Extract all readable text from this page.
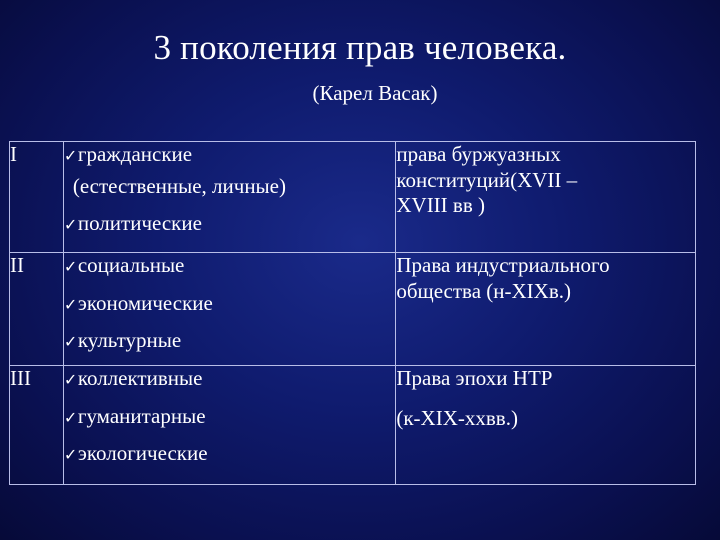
3 поколения прав человека.
(Карел Васак)
I	✓гражданские
(естественные, личные)
✓политические	права буржуазных
конституций(XVII –
XVIII вв )

II	✓социальные
✓экономические
✓культурные	Права индустриального
общества (н-XIXв.)

III	✓коллективные
✓гуманитарные
✓экологические	Права эпохи НТР
(к-XIX-ххвв.)
